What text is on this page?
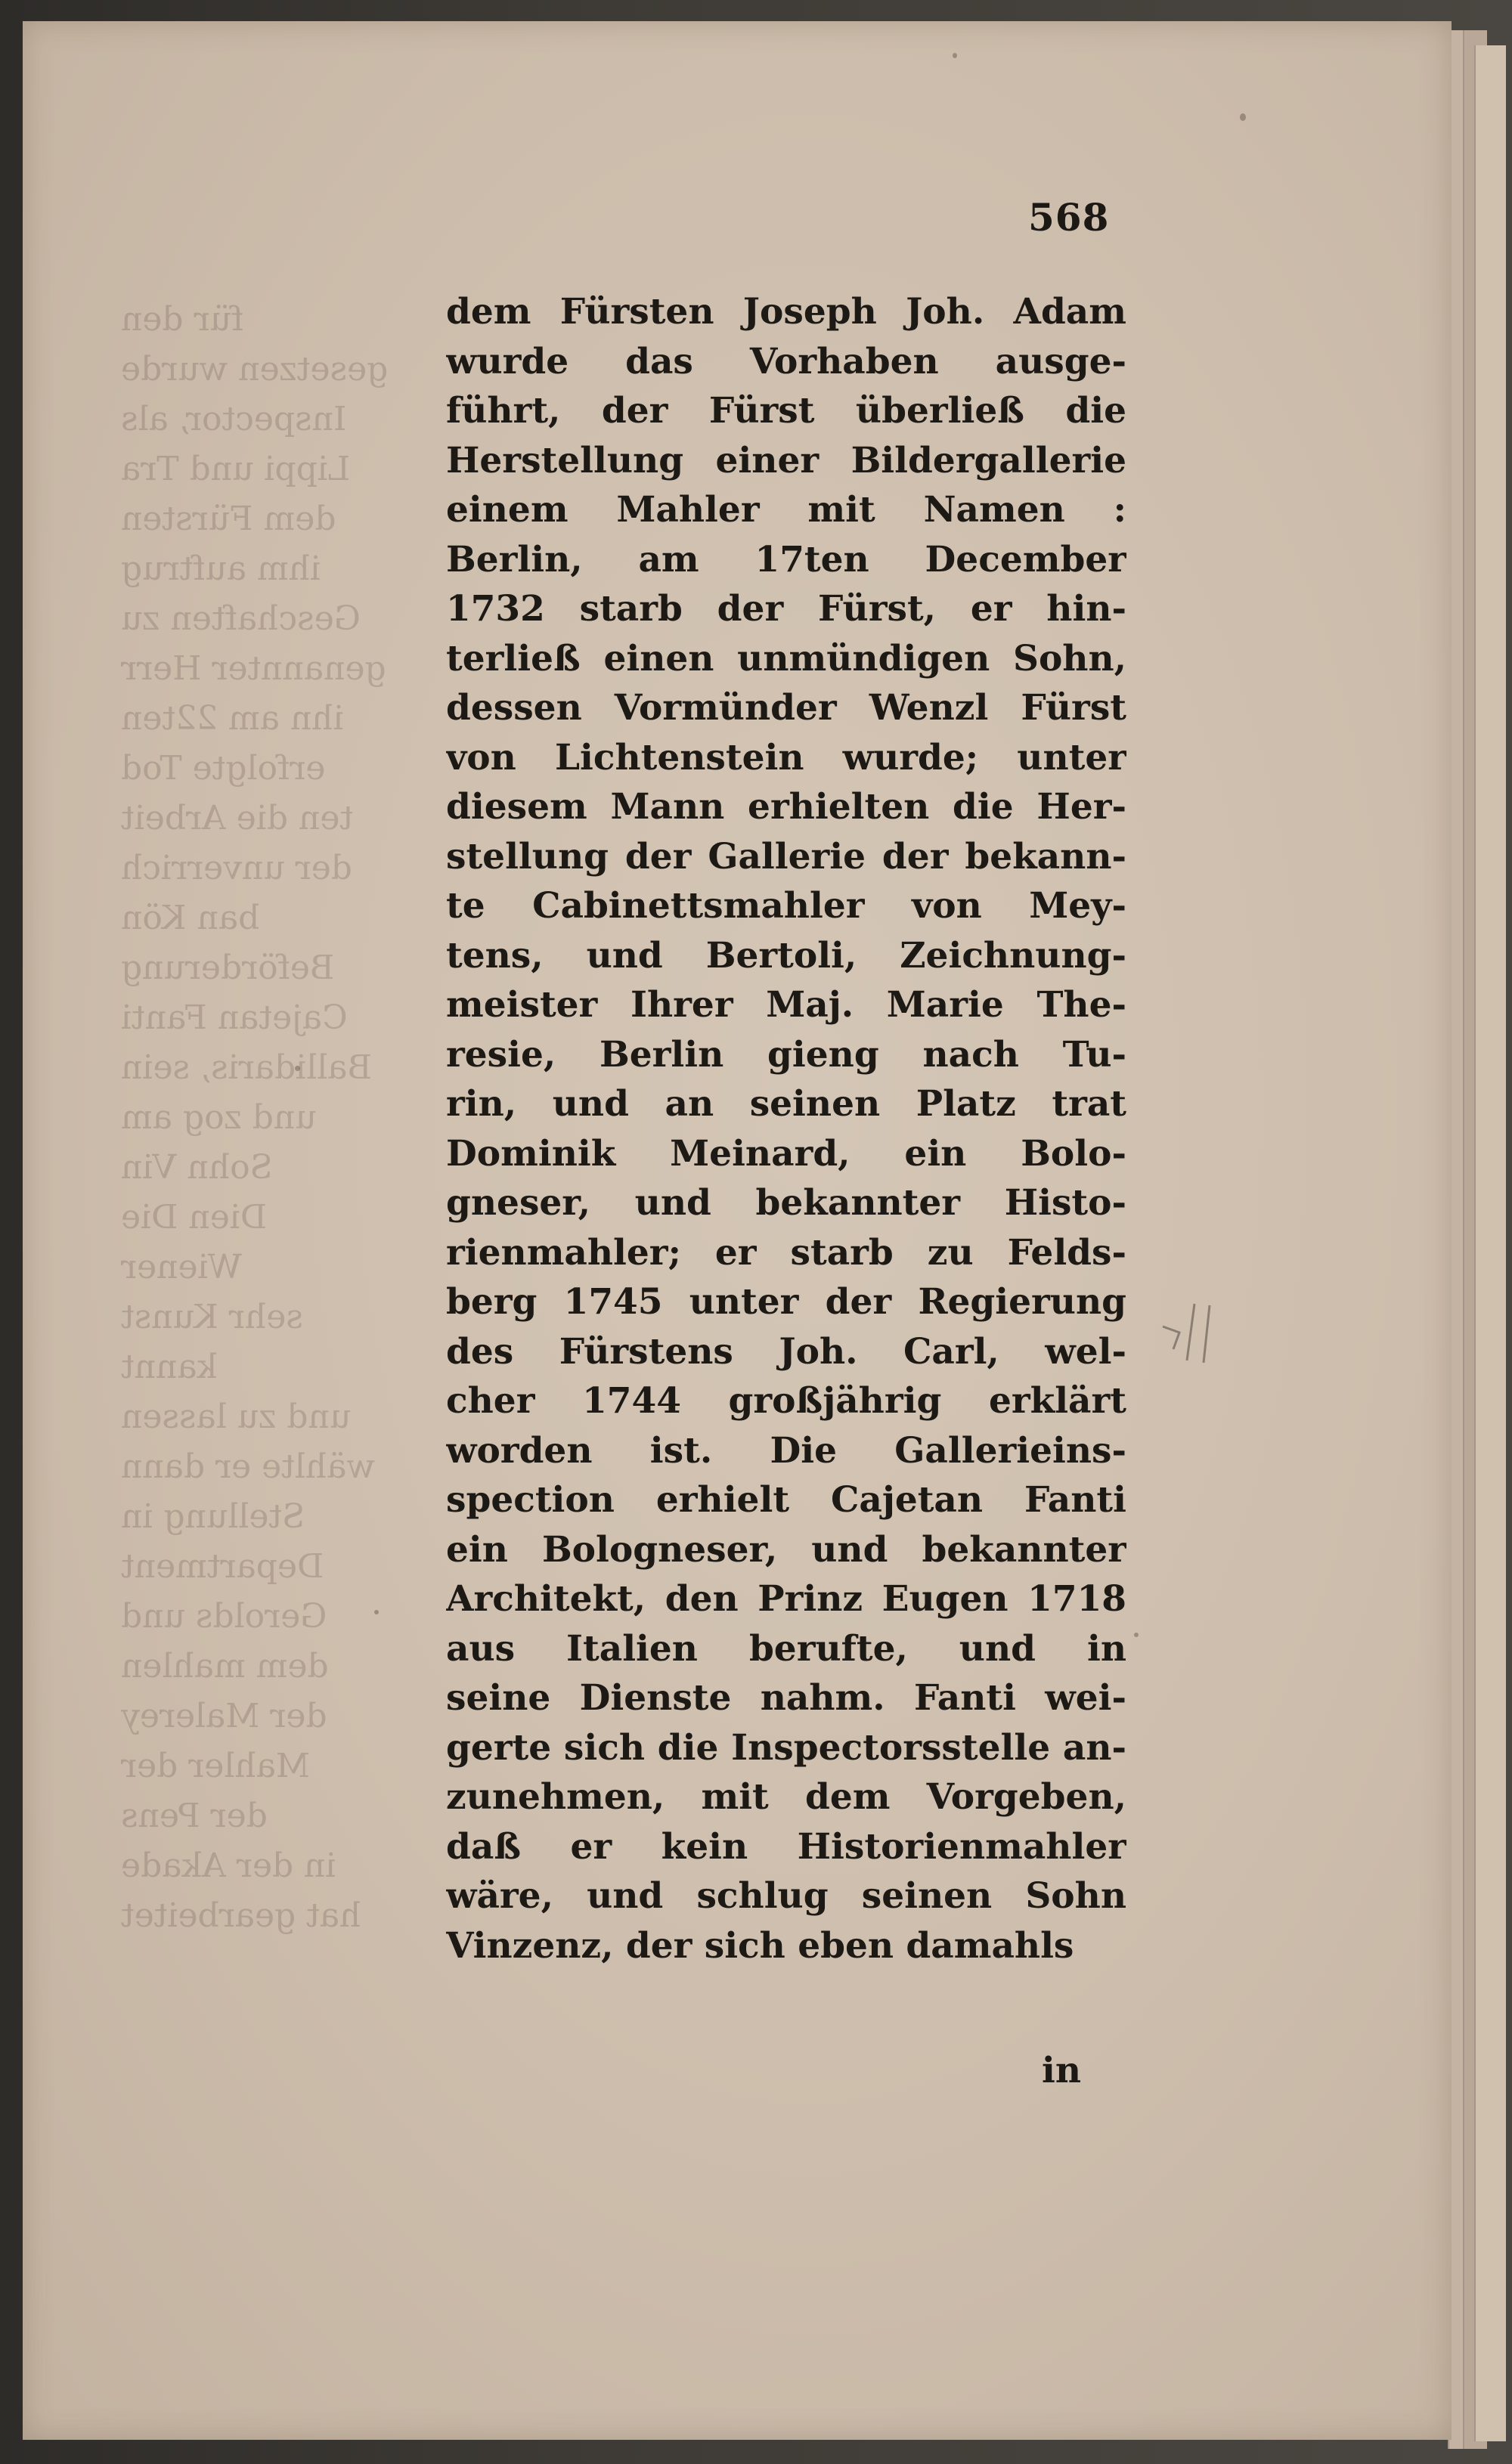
für den
gesetzen wurde
Inspector, als
Lippi und Tra
dem Fürsten
ihm auftrug
Geschaften zu
genannter Herr
ihn am 22ten
erfolgte Tod
ten die Arbeit
der unverrich
ban Kön
Beförderung
Cajetan Fanti
Ballidaris, sein
und zog am
Sohn Vin
Dien Die
Wiener
sehr Kunst
kannt
und zu lassen
wählte er dann
Stellung in
Department
Gerolds und
dem mahlen
der Malerey
Mahler der
der Pens
in der Akade
hat gearbeitet
568
dem Fürsten Joseph Joh. Adam
wurde das Vorhaben ausge-
führt, der Fürst überließ die
Herstellung einer Bildergallerie
einem Mahler mit Namen :
Berlin, am 17ten December
1732 starb der Fürst, er hin-
terließ einen unmündigen Sohn,
dessen Vormünder Wenzl Fürst
von Lichtenstein wurde; unter
diesem Mann erhielten die Her-
stellung der Gallerie der bekann-
te Cabinettsmahler von Mey-
tens, und Bertoli, Zeichnung-
meister Ihrer Maj. Marie The-
resie, Berlin gieng nach Tu-
rin, und an seinen Platz trat
Dominik Meinard, ein Bolo-
gneser, und bekannter Histo-
rienmahler; er starb zu Felds-
berg 1745 unter der Regierung
des Fürstens Joh. Carl, wel-
cher 1744 großjährig erklärt
worden ist. Die Gallerieins-
spection erhielt Cajetan Fanti
ein Bologneser, und bekannter
Architekt, den Prinz Eugen 1718
aus Italien berufte, und in
seine Dienste nahm. Fanti wei-
gerte sich die Inspectorsstelle an-
zunehmen, mit dem Vorgeben,
daß er kein Historienmahler
wäre, und schlug seinen Sohn
Vinzenz, der sich eben damahls
in
